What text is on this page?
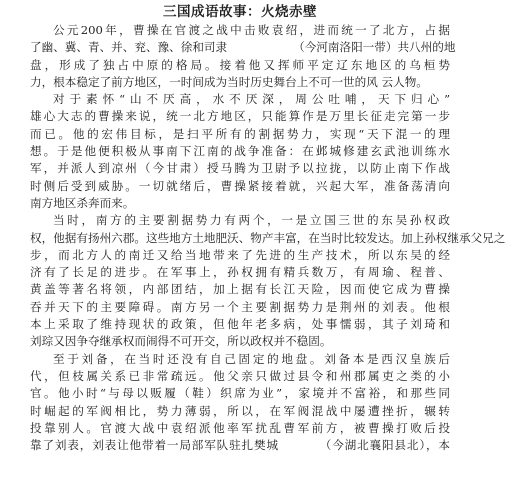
三国成语故事：火烧赤壁
公元200年，曹操在官渡之战中击败袁绍，进而统一了北方，占据
了幽、冀、青、并、兖、豫、徐和司隶	（今河南洛阳一带）共八州的地
盘，形成了独占中原的格局。接着他又挥师平定辽东地区的乌桓势
力，根本稳定了前方地区，一时间成为当时历史舞台上不可一世的风 云人物。
对于素怀“山不厌高，水不厌深，周公吐哺，天下归心”
雄心大志的曹操来说，统一北方地区，只能算作是万里长征走完第一步
而已。他的宏伟目标，是扫平所有的割据势力，实现“天下混一的理
想。于是他便积极从事南下江南的战争准备：在邺城修建玄武池训练水
军，并派人到凉州（今甘肃）授马腾为卫尉予以拉拢，以防止南下作战
时侧后受到威胁。一切就绪后，曹操紧接着就，兴起大军，准备荡清向
南方地区杀奔而来。
当时，南方的主要割据势力有两个，一是立国三世的东吴孙权政
权，他据有扬州六郡。这些地方土地肥沃、物产丰富，在当时比较发达。加上孙权继承父兄之
步，而北方人的南迁又给当地带来了先进的生产技术，所以东吴的经
济有了长足的进步。在军事上，孙权拥有精兵数万，有周瑜、程普、
黄盖等著名将领，内部团结，加上据有长江天险，因而使它成为曹操
吞并天下的主要障碍。南方另一个主要割据势力是荆州的刘表。他根
本上采取了维持现状的政策，但他年老多病，处事懦弱，其子刘琦和
刘琮又因争夺继承权而闹得不可开交，所以政权并不稳固。
至于刘备，在当时还没有自己固定的地盘。刘备本是西汉皇族后
代，但枝属关系已非常疏远。他父亲只做过县令和州郡属吏之类的小
官。他小时“与母以贩履（鞋）织席为业”，家境并不富裕，和那些同
时崛起的军阀相比，势力薄弱，所以，在军阀混战中屡遭挫折，辗转
投靠别人。官渡大战中袁绍派他率军扰乱曹军前方，被曹操打败后投
靠了刘表，刘表让他带着一局部军队驻扎樊城	（今湖北襄阳县北），本
